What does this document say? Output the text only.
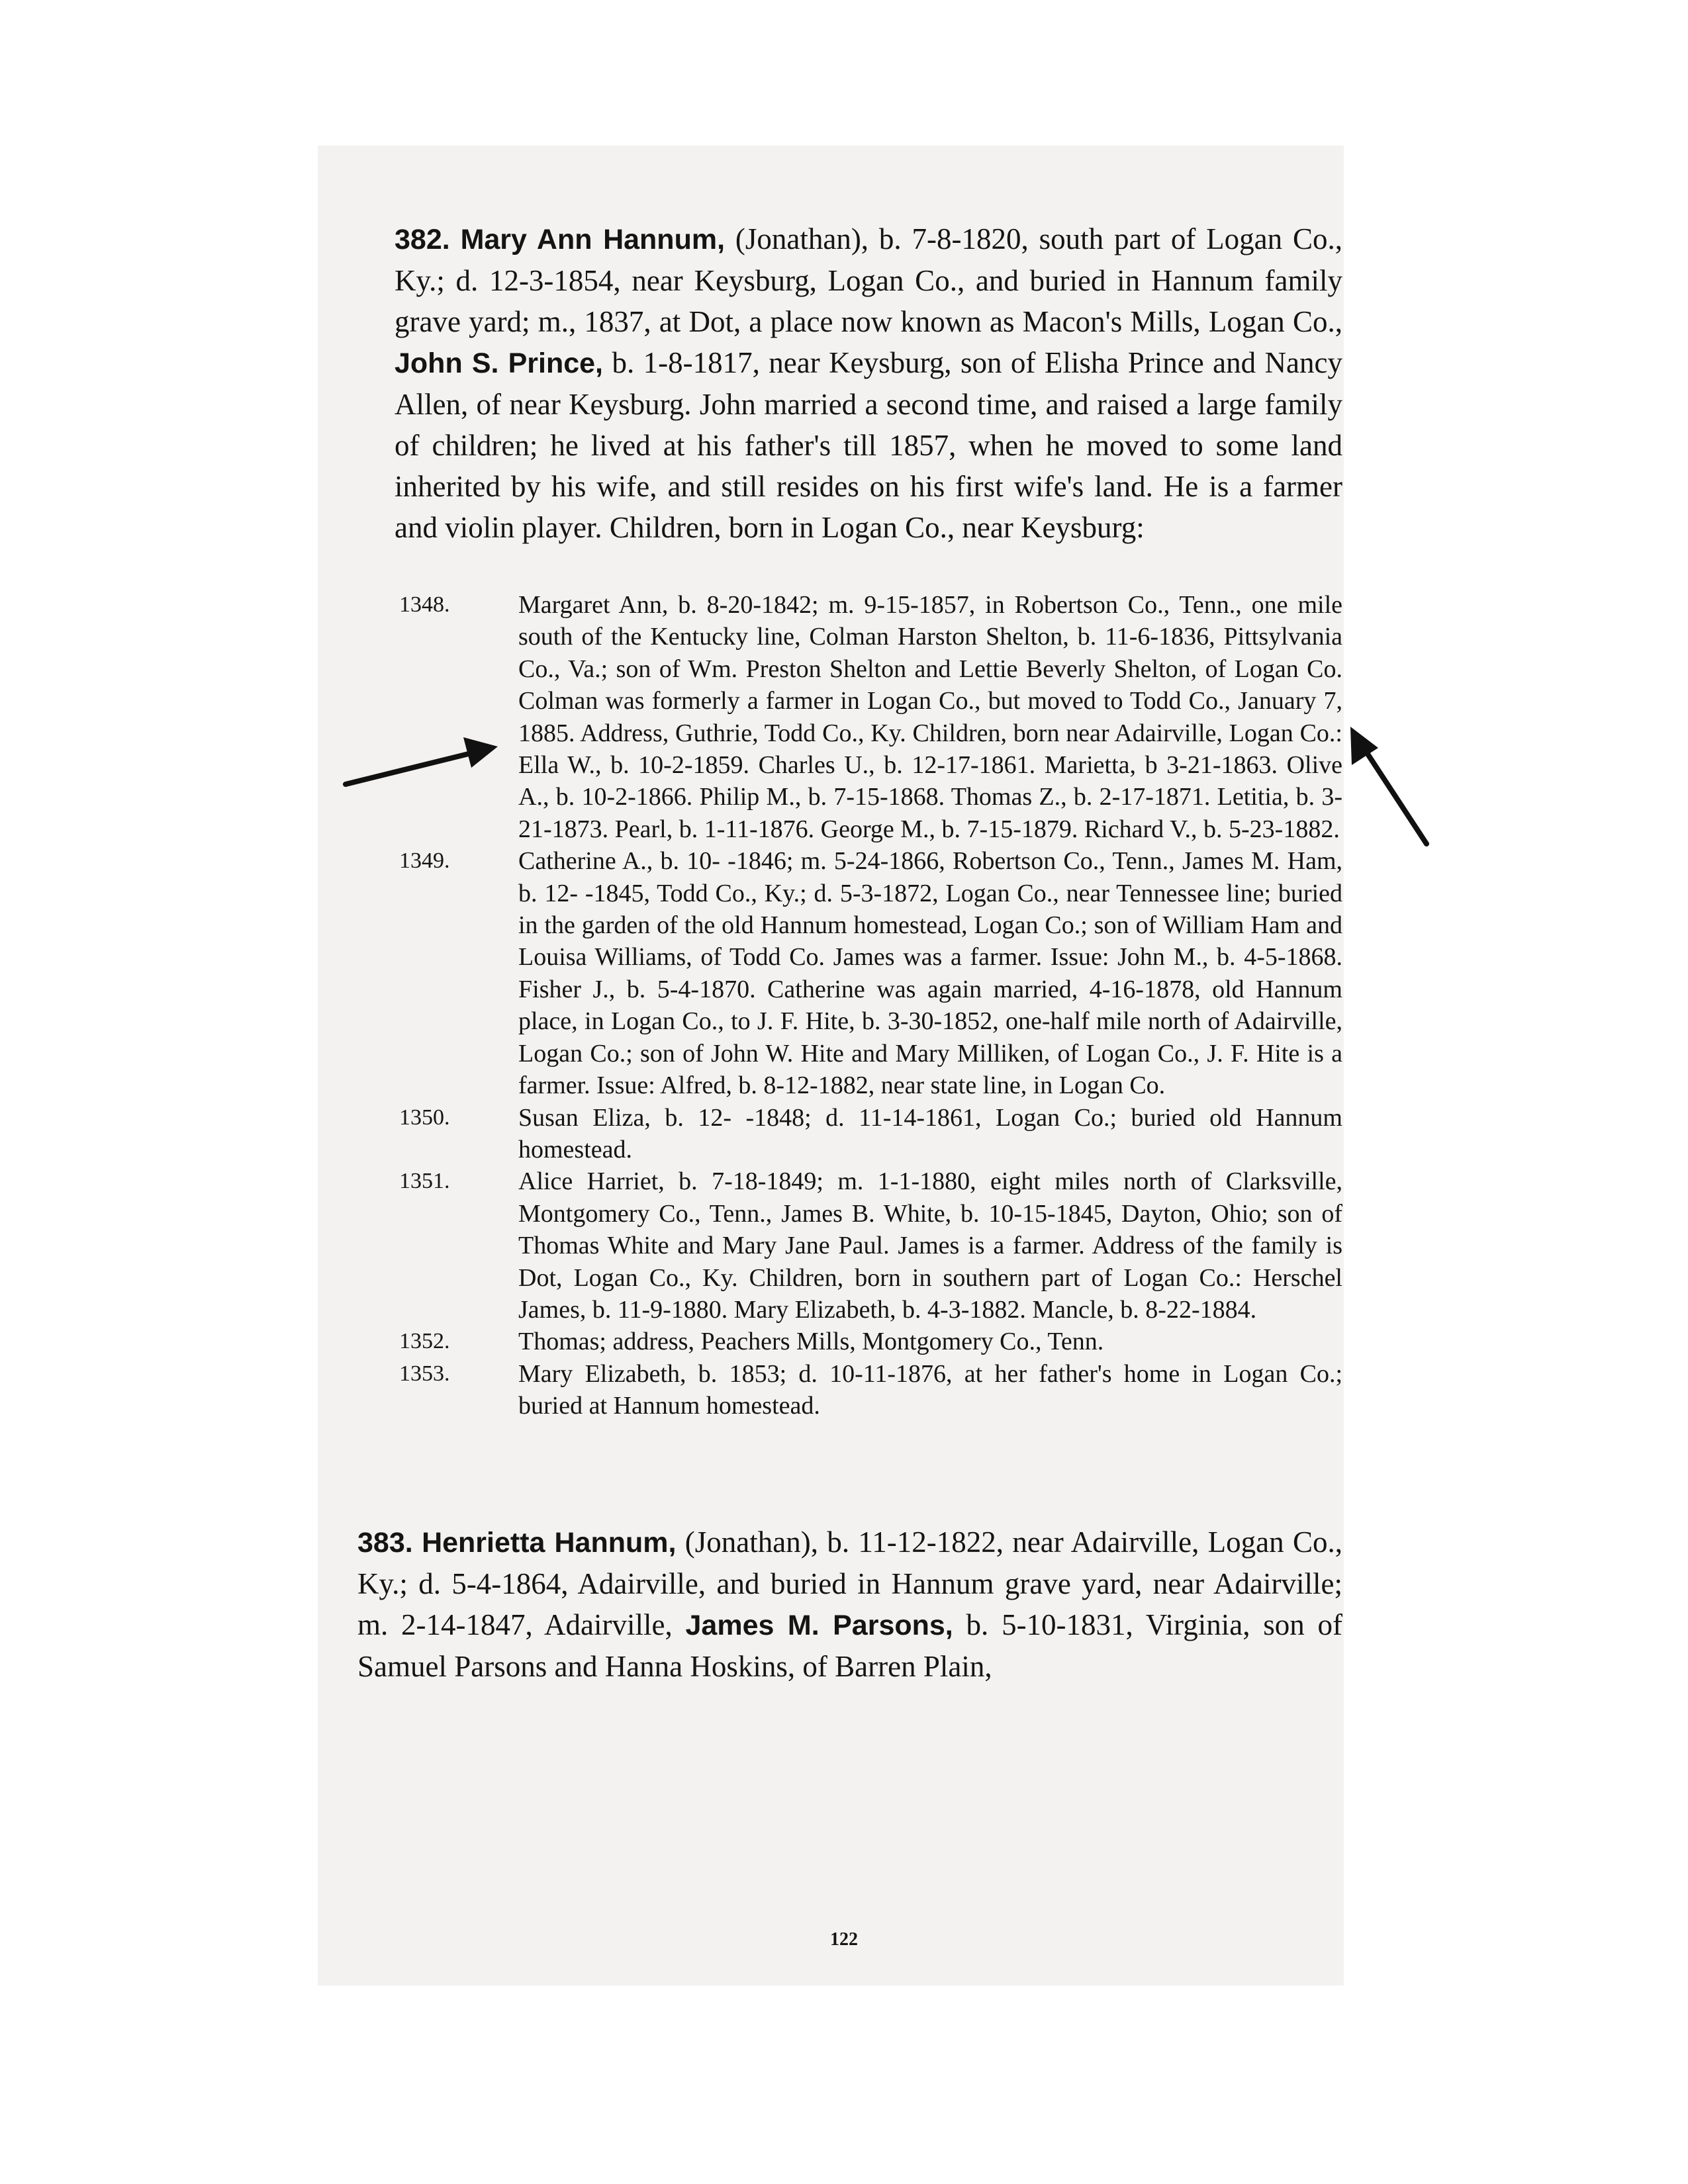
382. Mary Ann Hannum, (Jonathan), b. 7-8-1820, south part of Logan Co., Ky.; d. 12-3-1854, near Keysburg, Logan Co., and buried in Hannum family grave yard; m., 1837, at Dot, a place now known as Macon's Mills, Logan Co., John S. Prince, b. 1-8-1817, near Keysburg, son of Elisha Prince and Nancy Allen, of near Keysburg. John married a second time, and raised a large family of children; he lived at his father's till 1857, when he moved to some land inherited by his wife, and still resides on his first wife's land. He is a farmer and violin player. Children, born in Logan Co., near Keysburg:

1348.	Margaret Ann, b. 8-20-1842; m. 9-15-1857, in Robertson Co., Tenn., one mile south of the Kentucky line, Colman Harston Shelton, b. 11-6-1836, Pittsylvania Co., Va.; son of Wm. Preston Shelton and Lettie Beverly Shelton, of Logan Co. Colman was formerly a farmer in Logan Co., but moved to Todd Co., January 7, 1885. Address, Guthrie, Todd Co., Ky. Children, born near Adairville, Logan Co.: Ella W., b. 10-2-1859. Charles U., b. 12-17-1861. Marietta, b 3-21-1863. Olive A., b. 10-2-1866. Philip M., b. 7-15-1868. Thomas Z., b. 2-17-1871. Letitia, b. 3-21-1873. Pearl, b. 1-11-1876. George M., b. 7-15-1879. Richard V., b. 5-23-1882.
1349.	Catherine A., b. 10- -1846; m. 5-24-1866, Robertson Co., Tenn., James M. Ham, b. 12- -1845, Todd Co., Ky.; d. 5-3-1872, Logan Co., near Tennessee line; buried in the garden of the old Hannum homestead, Logan Co.; son of William Ham and Louisa Williams, of Todd Co. James was a farmer. Issue: John M., b. 4-5-1868. Fisher J., b. 5-4-1870. Catherine was again married, 4-16-1878, old Hannum place, in Logan Co., to J. F. Hite, b. 3-30-1852, one-half mile north of Adairville, Logan Co.; son of John W. Hite and Mary Milliken, of Logan Co., J. F. Hite is a farmer. Issue: Alfred, b. 8-12-1882, near state line, in Logan Co.
1350.	Susan Eliza, b. 12- -1848; d. 11-14-1861, Logan Co.; buried old Hannum homestead.
1351.	Alice Harriet, b. 7-18-1849; m. 1-1-1880, eight miles north of Clarksville, Montgomery Co., Tenn., James B. White, b. 10-15-1845, Dayton, Ohio; son of Thomas White and Mary Jane Paul. James is a farmer. Address of the family is Dot, Logan Co., Ky. Children, born in southern part of Logan Co.: Herschel James, b. 11-9-1880. Mary Elizabeth, b. 4-3-1882. Mancle, b. 8-22-1884.
1352.	Thomas; address, Peachers Mills, Montgomery Co., Tenn.
1353.	Mary Elizabeth, b. 1853; d. 10-11-1876, at her father's home in Logan Co.; buried at Hannum homestead.

383. Henrietta Hannum, (Jonathan), b. 11-12-1822, near Adairville, Logan Co., Ky.; d. 5-4-1864, Adairville, and buried in Hannum grave yard, near Adairville; m. 2-14-1847, Adairville, James M. Parsons, b. 5-10-1831, Virginia, son of Samuel Parsons and Hanna Hoskins, of Barren Plain,

122
